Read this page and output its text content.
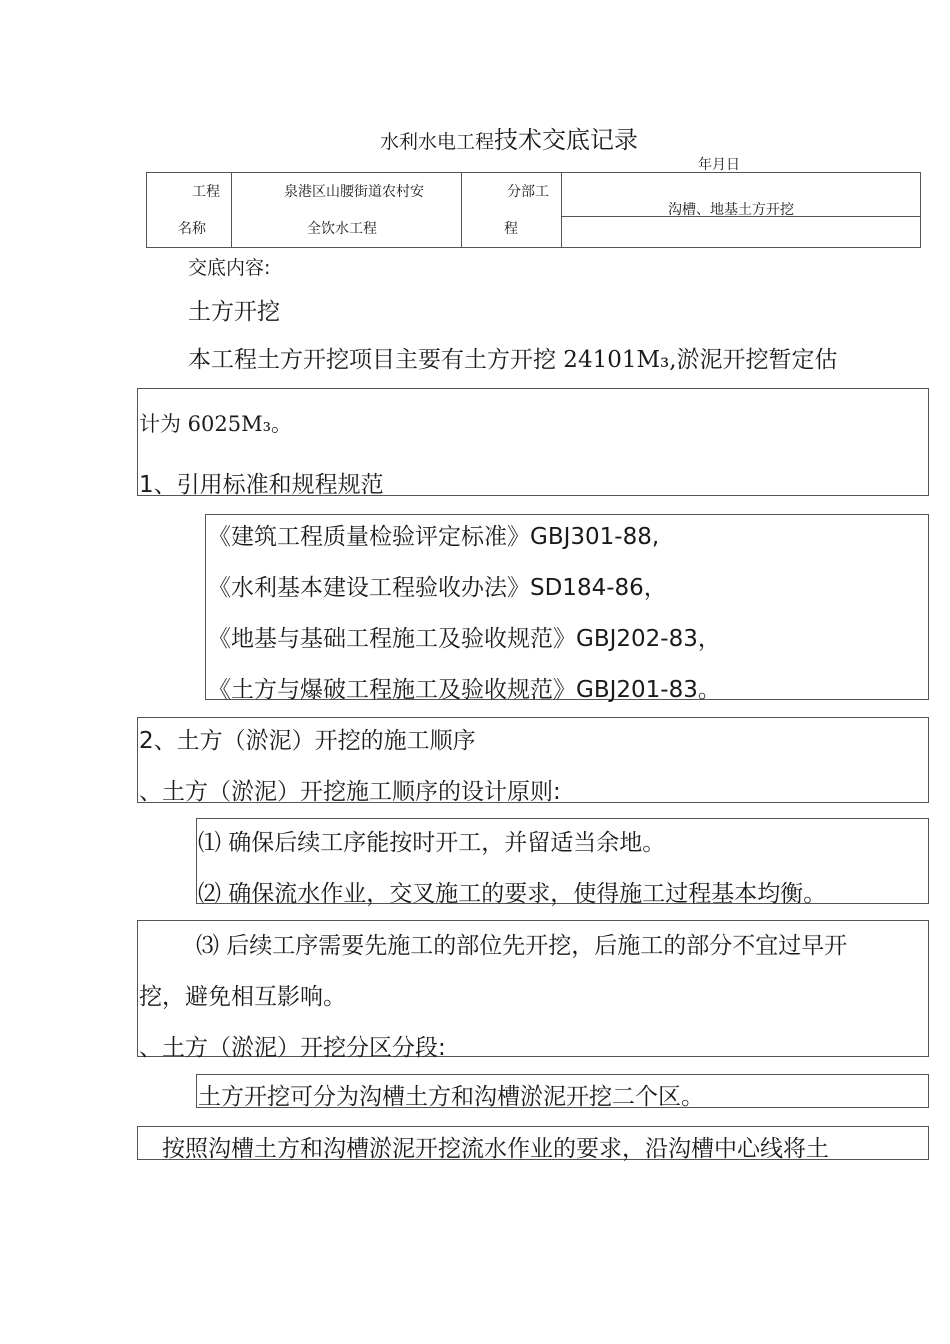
水利水电工程技术交底记录
年月日
工程
名称
泉港区山腰街道农村安
全饮水工程
分部工
程
沟槽、地基土方开挖
交底内容:
土方开挖
本工程土方开挖项目主要有土方开挖 24101M₃,淤泥开挖暂定估
计为 6025M₃。
1、引用标准和规程规范
《建筑工程质量检验评定标准》GBJ301-88,
《水利基本建设工程验收办法》SD184-86，
《地基与基础工程施工及验收规范》GBJ202-83，
《土方与爆破工程施工及验收规范》GBJ201-83。
2、土方（淤泥）开挖的施工顺序
、土方（淤泥）开挖施工顺序的设计原则:
⑴ 确保后续工序能按时开工，并留适当余地。
⑵ 确保流水作业，交叉施工的要求，使得施工过程基本均衡。
⑶ 后续工序需要先施工的部位先开挖，后施工的部分不宜过早开
挖，避免相互影响。
、土方（淤泥）开挖分区分段:
土方开挖可分为沟槽土方和沟槽淤泥开挖二个区。
按照沟槽土方和沟槽淤泥开挖流水作业的要求，沿沟槽中心线将土
